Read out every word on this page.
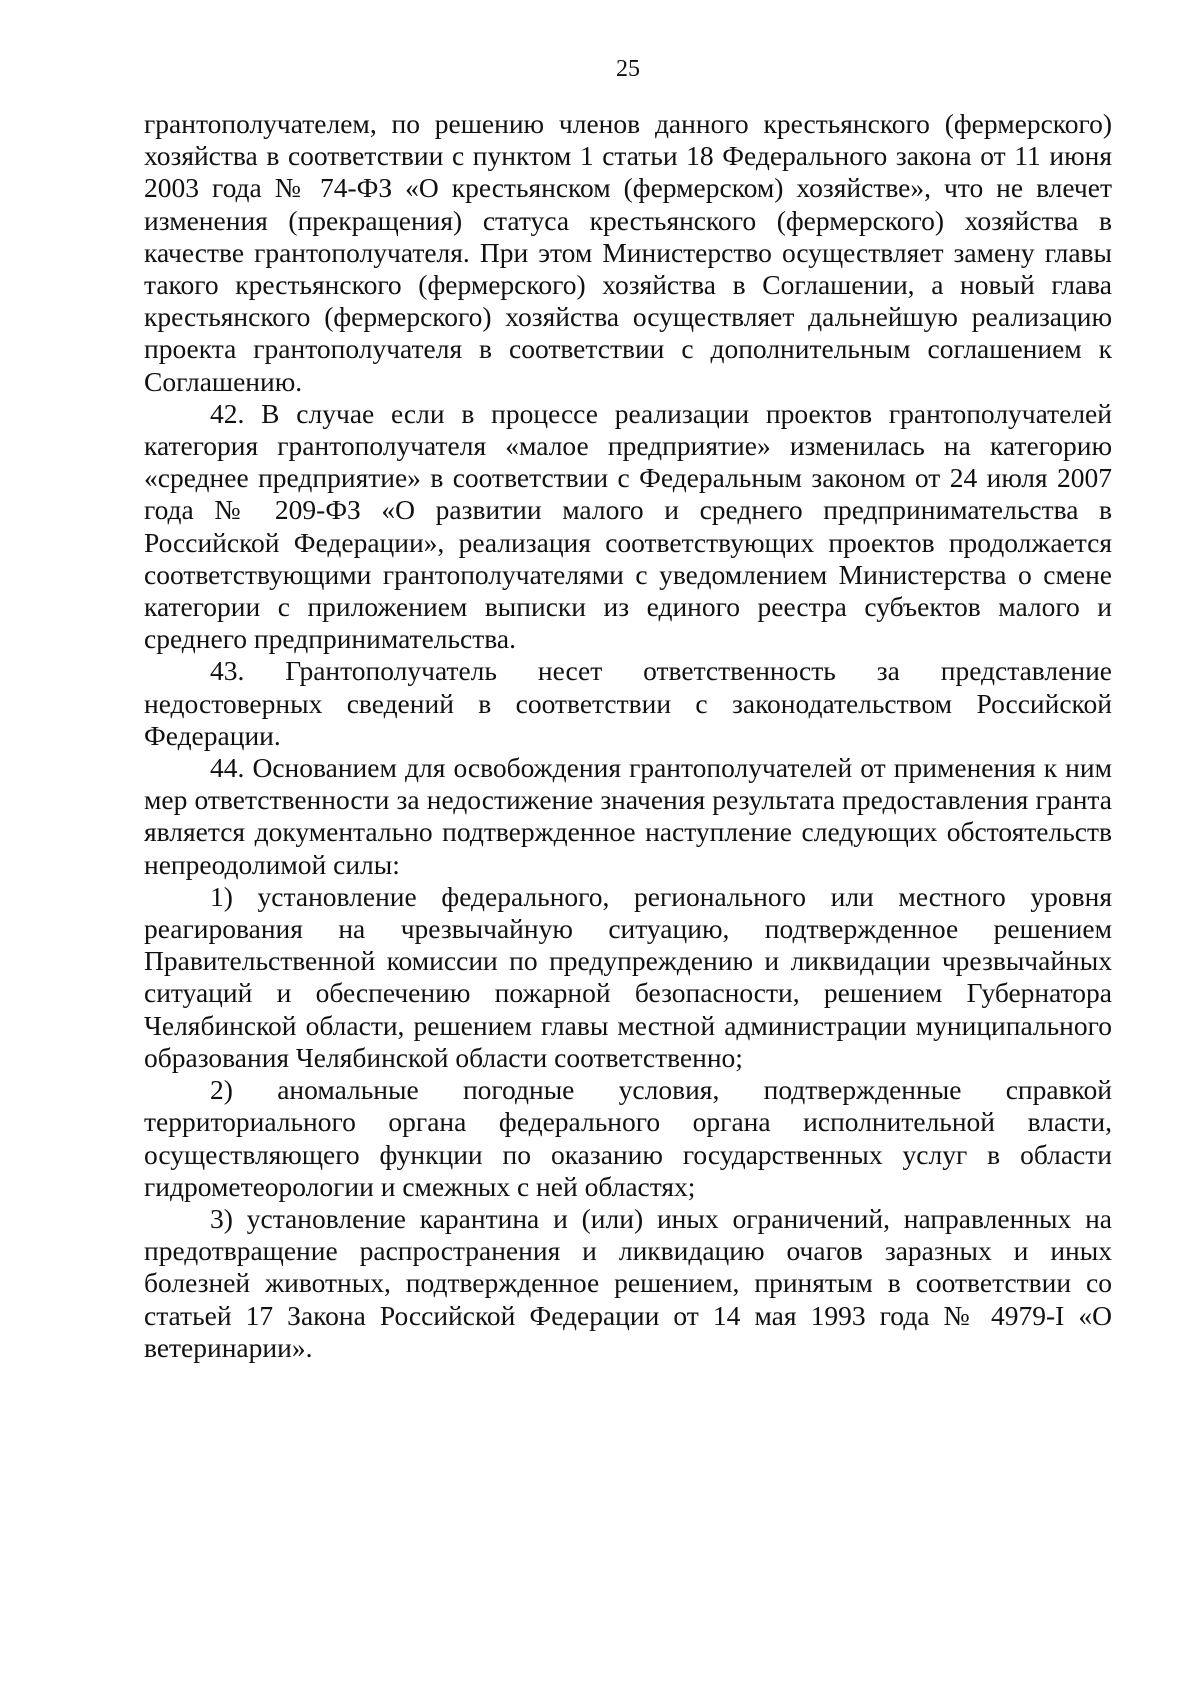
25

грантополучателем, по решению членов данного крестьянского (фермерского) хозяйства в соответствии с пунктом 1 статьи 18 Федерального закона от 11 июня 2003 года № 74-ФЗ «О крестьянском (фермерском) хозяйстве», что не влечет изменения (прекращения) статуса крестьянского (фермерского) хозяйства в качестве грантополучателя. При этом Министерство осуществляет замену главы такого крестьянского (фермерского) хозяйства в Соглашении, а новый глава крестьянского (фермерского) хозяйства осуществляет дальнейшую реализацию проекта грантополучателя в соответствии с дополнительным соглашением к Соглашению.

42. В случае если в процессе реализации проектов грантополучателей категория грантополучателя «малое предприятие» изменилась на категорию «среднее предприятие» в соответствии с Федеральным законом от 24 июля 2007 года № 209-ФЗ «О развитии малого и среднего предпринимательства в Российской Федерации», реализация соответствующих проектов продолжается соответствующими грантополучателями с уведомлением Министерства о смене категории с приложением выписки из единого реестра субъектов малого и среднего предпринимательства.

43. Грантополучатель несет ответственность за представление недостоверных сведений в соответствии с законодательством Российской Федерации.

44. Основанием для освобождения грантополучателей от применения к ним мер ответственности за недостижение значения результата предоставления гранта является документально подтвержденное наступление следующих обстоятельств непреодолимой силы:

1) установление федерального, регионального или местного уровня реагирования на чрезвычайную ситуацию, подтвержденное решением Правительственной комиссии по предупреждению и ликвидации чрезвычайных ситуаций и обеспечению пожарной безопасности, решением Губернатора Челябинской области, решением главы местной администрации муниципального образования Челябинской области соответственно;

2) аномальные погодные условия, подтвержденные справкой территориального органа федерального органа исполнительной власти, осуществляющего функции по оказанию государственных услуг в области гидрометеорологии и смежных с ней областях;

3) установление карантина и (или) иных ограничений, направленных на предотвращение распространения и ликвидацию очагов заразных и иных болезней животных, подтвержденное решением, принятым в соответствии со статьей 17 Закона Российской Федерации от 14 мая 1993 года № 4979-I «О ветеринарии».
